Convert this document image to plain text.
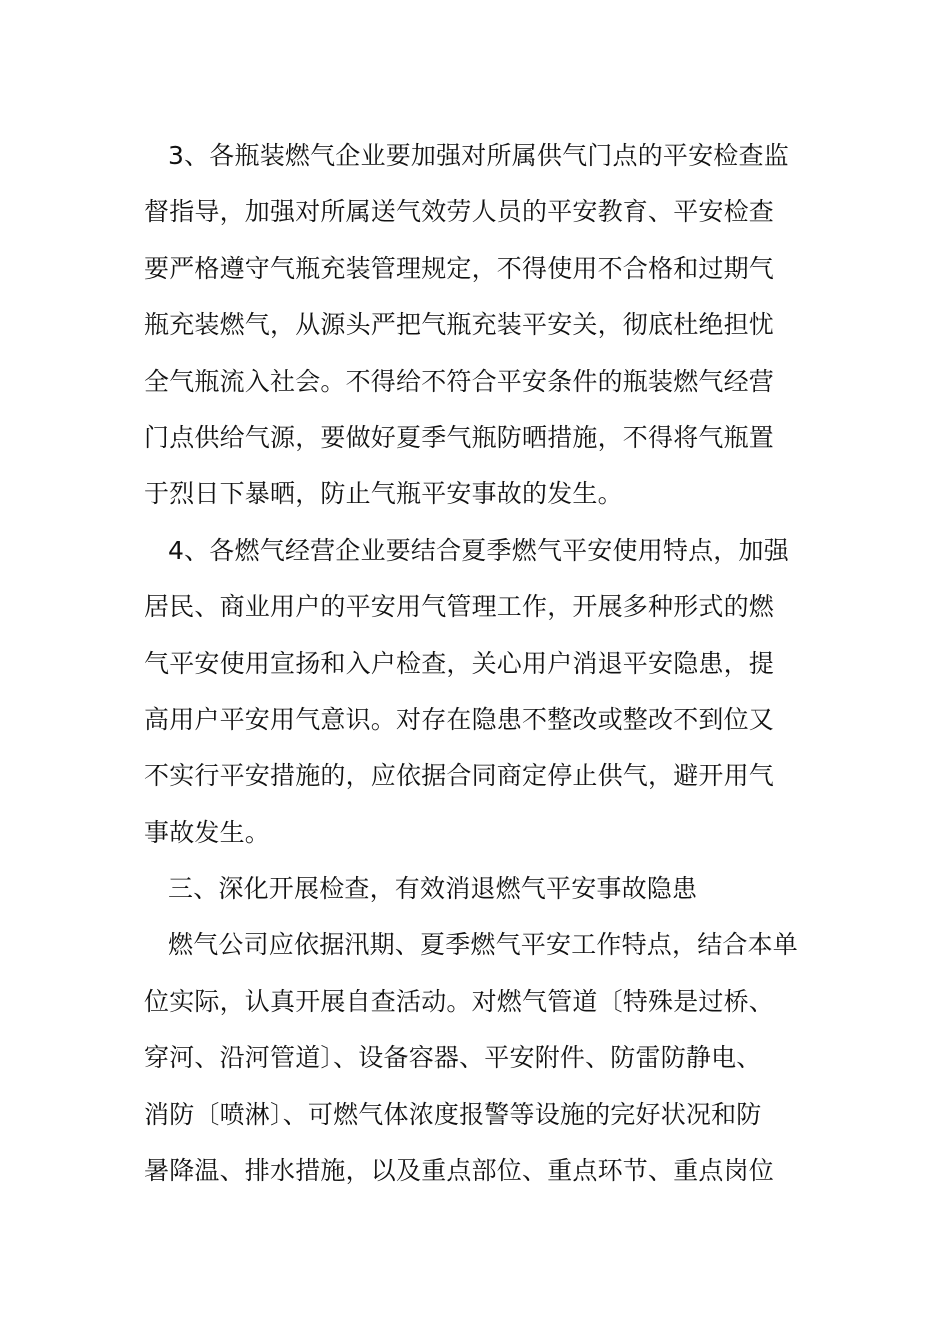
3、各瓶装燃气企业要加强对所属供气门点的平安检查监
督指导，加强对所属送气效劳人员的平安教育、平安检查
要严格遵守气瓶充装管理规定，不得使用不合格和过期气
瓶充装燃气，从源头严把气瓶充装平安关，彻底杜绝担忧
全气瓶流入社会。不得给不符合平安条件的瓶装燃气经营
门点供给气源，要做好夏季气瓶防晒措施，不得将气瓶置
于烈日下暴晒，防止气瓶平安事故的发生。
4、各燃气经营企业要结合夏季燃气平安使用特点，加强
居民、商业用户的平安用气管理工作，开展多种形式的燃
气平安使用宣扬和入户检查，关心用户消退平安隐患，提
高用户平安用气意识。对存在隐患不整改或整改不到位又
不实行平安措施的，应依据合同商定停止供气，避开用气
事故发生。
三、深化开展检查，有效消退燃气平安事故隐患
燃气公司应依据汛期、夏季燃气平安工作特点，结合本单
位实际，认真开展自查活动。对燃气管道〔特殊是过桥、
穿河、沿河管道〕、设备容器、平安附件、防雷防静电、
消防〔喷淋〕、可燃气体浓度报警等设施的完好状况和防
暑降温、排水措施，以及重点部位、重点环节、重点岗位
